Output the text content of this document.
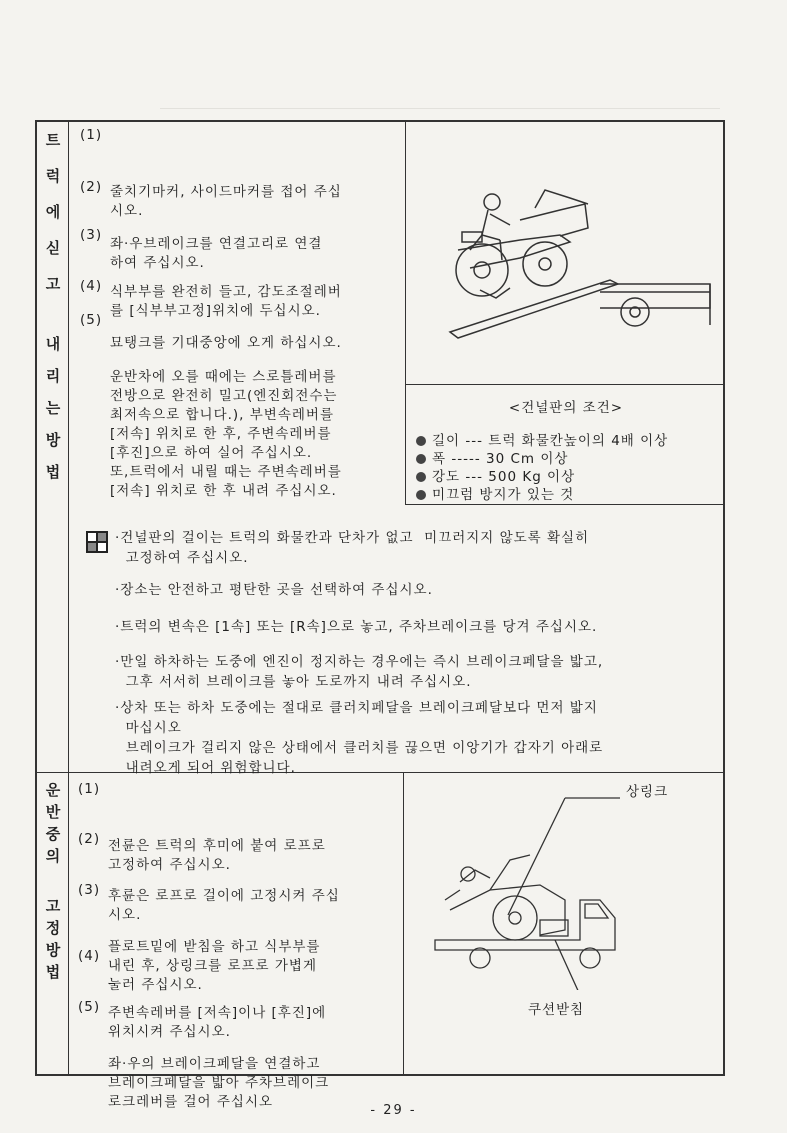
트
럭
에
싣
고
내
리
는
방
법

(1)

줄치기마커, 사이드마커를 접어 주십
시오.

(2)

좌·우브레이크를 연결고리로 연결
하여 주십시오.

(3)

식부부를 완전히 들고, 감도조절레버
를 [식부부고정]위치에 두십시오.

(4)

묘탱크를 기대중앙에 오게 하십시오.

(5)

운반차에 오를 때에는 스로틀레버를
전방으로 완전히 밀고(엔진회전수는
최저속으로 합니다.), 부변속레버를
[저속] 위치로 한 후, 주변속레버를
[후진]으로 하여 실어 주십시오.
또,트럭에서 내릴 때는 주변속레버를
[저속] 위치로 한 후 내려 주십시오.

<건널판의 조건>
길이 --- 트럭 화물칸높이의 4배 이상
폭 ----- 30 Cm 이상
강도 --- 500 Kg 이상
미끄럼 방지가 있는 것
·건널판의 걸이는 트럭의 화물칸과 단차가 없고  미끄러지지 않도록 확실히
고정하여 주십시오.
·장소는 안전하고 평탄한 곳을 선택하여 주십시오.
·트럭의 변속은 [1속] 또는 [R속]으로 놓고, 주차브레이크를 당겨 주십시오.
·만일 하차하는 도중에 엔진이 정지하는 경우에는 즉시 브레이크페달을 밟고,
그후 서서히 브레이크를 놓아 도로까지 내려 주십시오.
·상차 또는 하차 도중에는 절대로 클러치페달을 브레이크페달보다 먼저 밟지
마십시오
브레이크가 걸리지 않은 상태에서 클러치를 끊으면 이앙기가 갑자기 아래로
내려오게 되어 위험합니다.
운
반
중
의
고
정
방
법

(1)

전륜은 트럭의 후미에 붙여 로프로
고정하여 주십시오.

(2)

후륜은 로프로 걸이에 고정시켜 주십
시오.

(3)

플로트밑에 받침을 하고 식부부를
내린 후, 상링크를 로프로 가볍게
눌러 주십시오.

(4)

주변속레버를 [저속]이나 [후진]에
위치시켜 주십시오.

(5)

좌·우의 브레이크페달을 연결하고
브레이크페달을 밟아 주차브레이크
로크레버를 걸어 주십시오

상링크
쿠션받침
- 29 -
